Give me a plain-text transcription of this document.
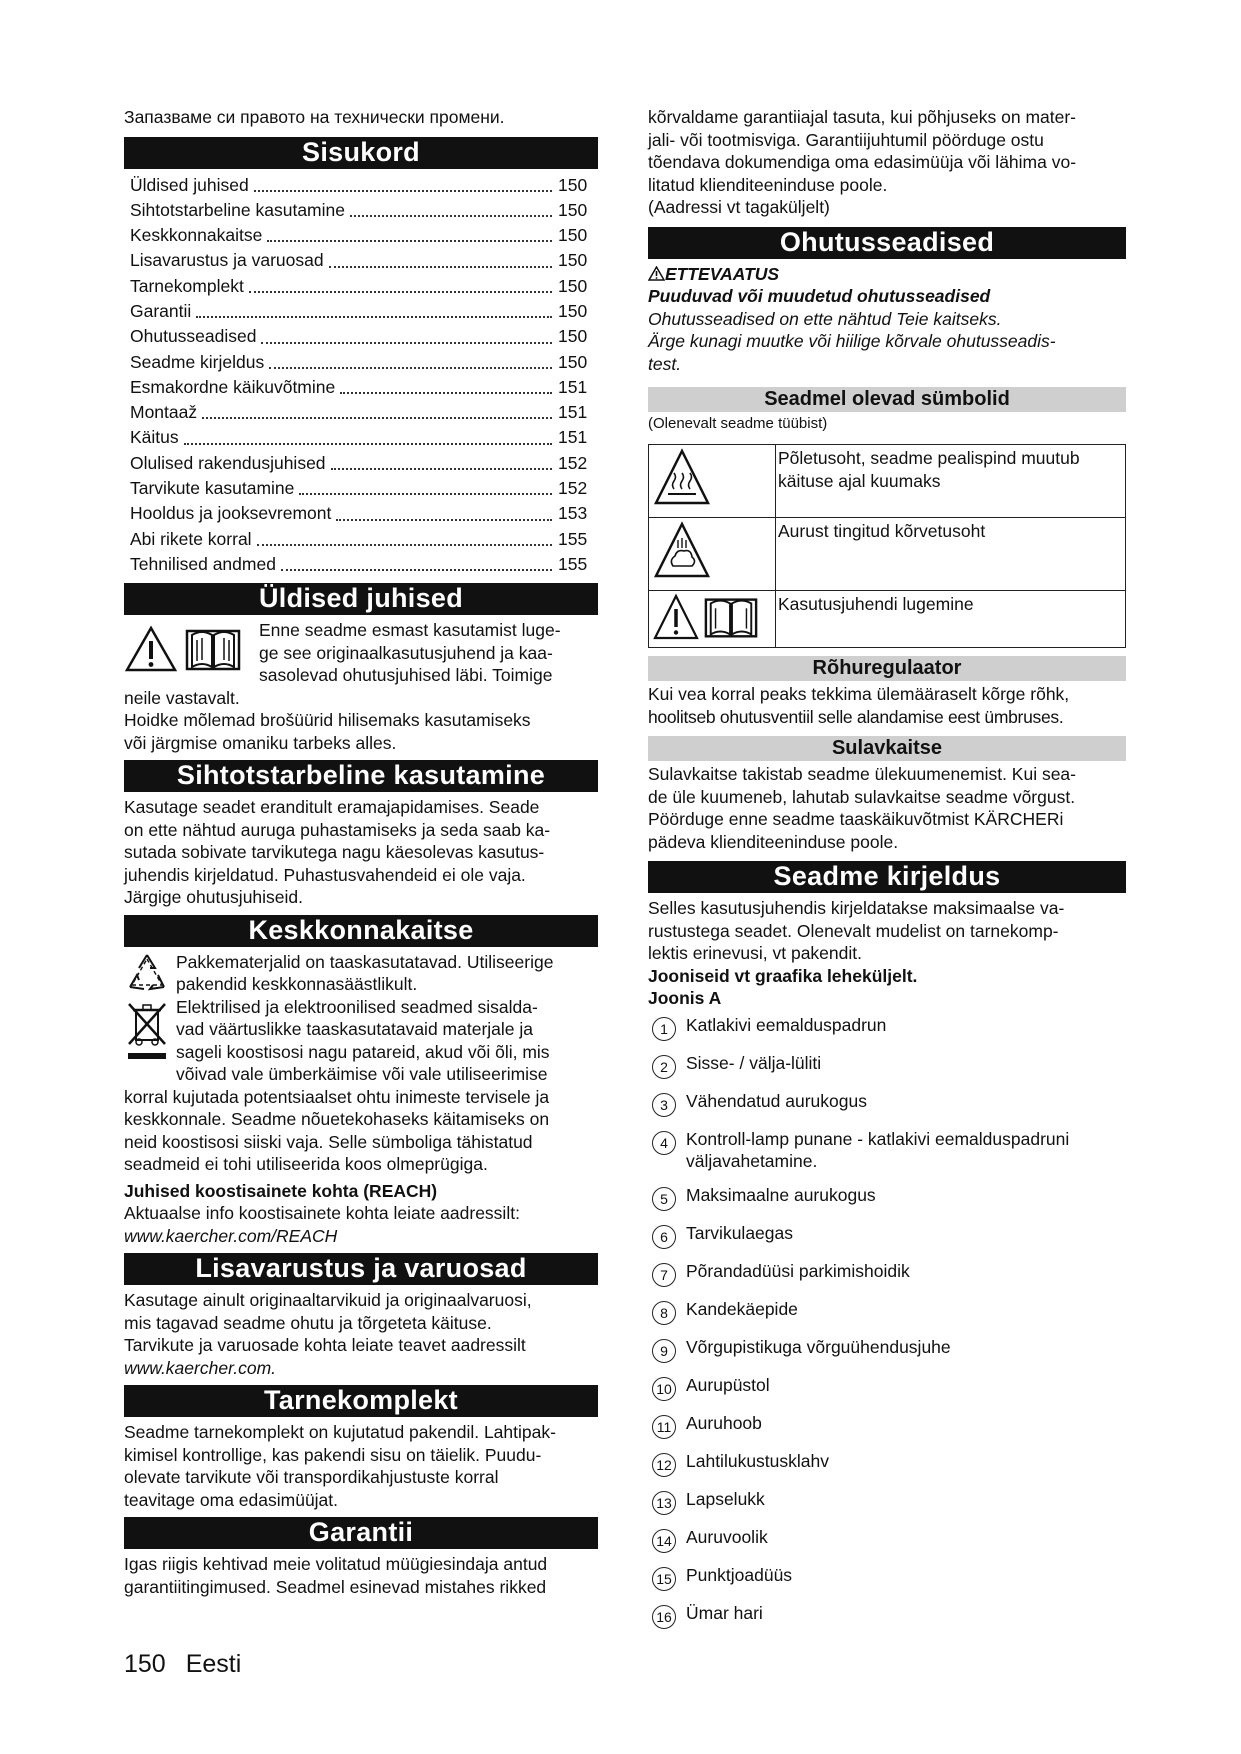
Запазваме си правото на технически промени.

Sisukord
Üldised juhised	150
Sihtotstarbeline kasutamine	150
Keskkonnakaitse	150
Lisavarustus ja varuosad	150
Tarnekomplekt	150
Garantii	150
Ohutusseadised	150
Seadme kirjeldus	150
Esmakordne käikuvõtmine	151
Montaaž	151
Käitus	151
Olulised rakendusjuhised	152
Tarvikute kasutamine	152
Hooldus ja jooksevremont	153
Abi rikete korral	155
Tehnilised andmed	155
Üldised juhised

Enne seadme esmast kasutamist luge-

ge see originaalkasutusjuhend ja kaa-

sasolevad ohutusjuhised läbi. Toimige

neile vastavalt.

Hoidke mõlemad brošüürid hilisemaks kasutamiseks

või järgmise omaniku tarbeks alles.

Sihtotstarbeline kasutamine

Kasutage seadet eranditult eramajapidamises. Seade

on ette nähtud auruga puhastamiseks ja seda saab ka-

sutada sobivate tarvikutega nagu käesolevas kasutus-

juhendis kirjeldatud. Puhastusvahendeid ei ole vaja.

Järgige ohutusjuhiseid.

Keskkonnakaitse

Pakkematerjalid on taaskasutatavad. Utiliseerige

pakendid keskkonnasäästlikult.

Elektrilised ja elektroonilised seadmed sisalda-

vad väärtuslikke taaskasutatavaid materjale ja

sageli koostisosi nagu patareid, akud või õli, mis

võivad vale ümberkäimise või vale utiliseerimise

korral kujutada potentsiaalset ohtu inimeste tervisele ja

keskkonnale. Seadme nõuetekohaseks käitamiseks on

neid koostisosi siiski vaja. Selle sümboliga tähistatud

seadmeid ei tohi utiliseerida koos olmeprügiga.

Juhised koostisainete kohta (REACH)

Aktuaalse info koostisainete kohta leiate aadressilt:

www.kaercher.com/REACH

Lisavarustus ja varuosad

Kasutage ainult originaaltarvikuid ja originaalvaruosi,

mis tagavad seadme ohutu ja tõrgeteta käituse.

Tarvikute ja varuosade kohta leiate teavet aadressilt

www.kaercher.com.

Tarnekomplekt

Seadme tarnekomplekt on kujutatud pakendil. Lahtipak-

kimisel kontrollige, kas pakendi sisu on täielik. Puudu-

olevate tarvikute või transpordikahjustuste korral

teavitage oma edasimüüjat.

Garantii

Igas riigis kehtivad meie volitatud müügiesindaja antud

garantiitingimused. Seadmel esinevad mistahes rikked

kõrvaldame garantiiajal tasuta, kui põhjuseks on mater-

jali- või tootmisviga. Garantiijuhtumil pöörduge ostu

tõendava dokumendiga oma edasimüüja või lähima vo-

litatud klienditeeninduse poole.

(Aadressi vt tagaküljelt)

Ohutusseadised

ETTEVAATUS

Puuduvad või muudetud ohutusseadised

Ohutusseadised on ette nähtud Teie kaitseks.

Ärge kunagi muutke või hiilige kõrvale ohutusseadis-

test.

Seadmel olevad sümbolid

(Olenevalt seadme tüübist)

	Põletusoht, seadme pealispind muutub käituse ajal kuumaks
	Aurust tingitud kõrvetusoht

	Kasutusjuhendi lugemine
Rõhuregulaator

Kui vea korral peaks tekkima ülemääraselt kõrge rõhk,

hoolitseb ohutusventiil selle alandamise eest ümbruses.

Sulavkaitse

Sulavkaitse takistab seadme ülekuumenemist. Kui sea-

de üle kuumeneb, lahutab sulavkaitse seadme võrgust.

Pöörduge enne seadme taaskäikuvõtmist KÄRCHERi

pädeva klienditeeninduse poole.

Seadme kirjeldus

Selles kasutusjuhendis kirjeldatakse maksimaalse va-

rustustega seadet. Olenevalt mudelist on tarnekomp-

lektis erinevusi, vt pakendit.

Jooniseid vt graafika leheküljelt.

Joonis A

1	Katlakivi eemalduspadrun
2	Sisse- / välja-lüliti
3	Vähendatud aurukogus
4	Kontroll-lamp punane - katlakivi eemalduspadruni väljavahetamine.
5	Maksimaalne aurukogus
6	Tarvikulaegas
7	Põrandadüüsi parkimishoidik
8	Kandekäepide
9	Võrgupistikuga võrguühendusjuhe
10 Aurupüstol
11 Auruhoob
12 Lahtilukustusklahv
13 Lapselukk
14 Auruvoolik
15 Punktjoadüüs
16 Ümar hari
150 Eesti
